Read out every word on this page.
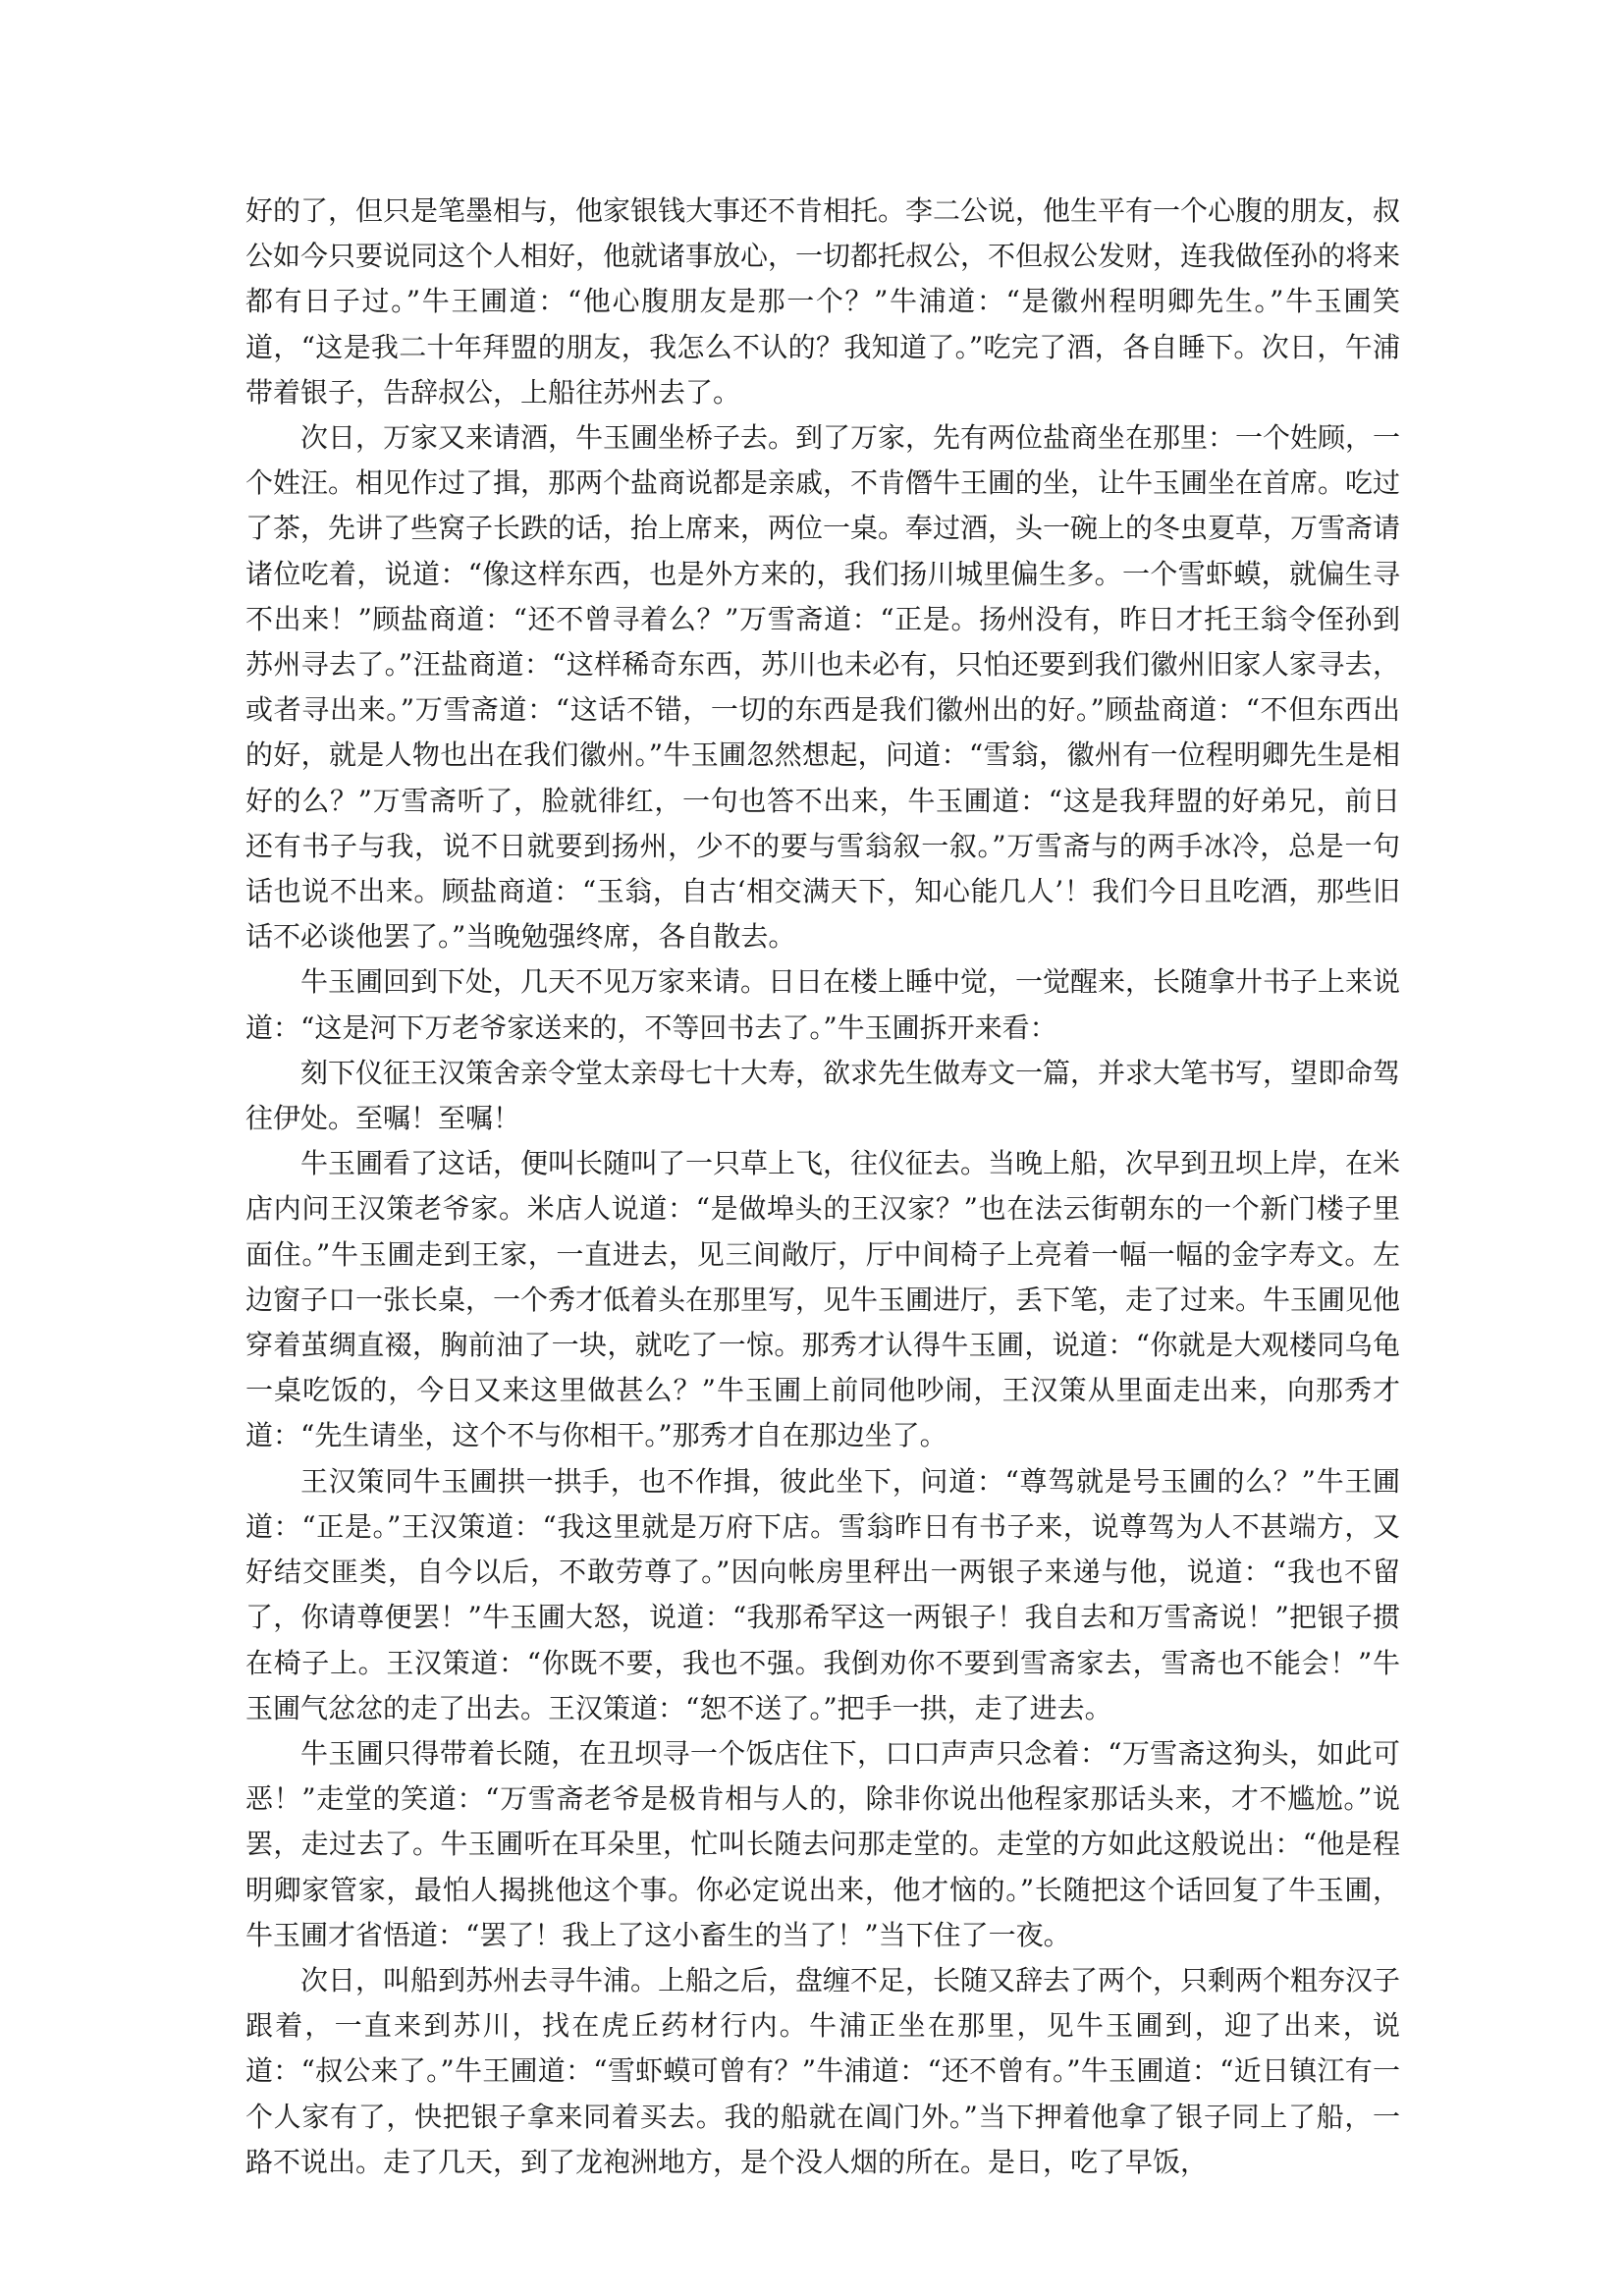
好的了，但只是笔墨相与，他家银钱大事还不肯相托。李二公说，他生平有一个心腹的朋友，叔公如今只要说同这个人相好，他就诸事放心，一切都托叔公，不但叔公发财，连我做侄孙的将来都有日子过。”牛王圃道：“他心腹朋友是那一个？”牛浦道：“是徽州程明卿先生。”牛玉圃笑道，“这是我二十年拜盟的朋友，我怎么不认的？我知道了。”吃完了酒，各自睡下。次日，午浦带着银子，告辞叔公，上船往苏州去了。

次日，万家又来请酒，牛玉圃坐桥子去。到了万家，先有两位盐商坐在那里：一个姓顾，一个姓汪。相见作过了揖，那两个盐商说都是亲戚，不肯僭牛王圃的坐，让牛玉圃坐在首席。吃过了茶，先讲了些窝子长跌的话，抬上席来，两位一桌。奉过酒，头一碗上的冬虫夏草，万雪斋请诸位吃着，说道：“像这样东西，也是外方来的，我们扬川城里偏生多。一个雪虾蟆，就偏生寻不出来！”顾盐商道：“还不曾寻着么？”万雪斋道：“正是。扬州没有，昨日才托王翁令侄孙到苏州寻去了。”汪盐商道：“这样稀奇东西，苏川也未必有，只怕还要到我们徽州旧家人家寻去，或者寻出来。”万雪斋道：“这话不错，一切的东西是我们徽州出的好。”顾盐商道：“不但东西出的好，就是人物也出在我们徽州。”牛玉圃忽然想起，问道：“雪翁，徽州有一位程明卿先生是相好的么？”万雪斋听了，脸就徘红，一句也答不出来，牛玉圃道：“这是我拜盟的好弟兄，前日还有书子与我，说不日就要到扬州，少不的要与雪翁叙一叙。”万雪斋与的两手冰冷，总是一句话也说不出来。顾盐商道：“玉翁，自古‘相交满天下，知心能几人’！我们今日且吃酒，那些旧话不必谈他罢了。”当晚勉强终席，各自散去。

牛玉圃回到下处，几天不见万家来请。日日在楼上睡中觉，一觉醒来，长随拿廾书子上来说道：“这是河下万老爷家送来的，不等回书去了。”牛玉圃拆开来看：

刻下仪征王汉策舍亲令堂太亲母七十大寿，欲求先生做寿文一篇，并求大笔书写，望即命驾往伊处。至嘱！至嘱！

牛玉圃看了这话，便叫长随叫了一只草上飞，往仪征去。当晚上船，次早到丑坝上岸，在米店内问王汉策老爷家。米店人说道：“是做埠头的王汉家？”也在法云街朝东的一个新门楼子里面住。”牛玉圃走到王家，一直进去，见三间敞厅，厅中间椅子上亮着一幅一幅的金字寿文。左边窗子口一张长桌，一个秀才低着头在那里写，见牛玉圃进厅，丢下笔，走了过来。牛玉圃见他穿着茧绸直裰，胸前油了一块，就吃了一惊。那秀才认得牛玉圃，说道：“你就是大观楼同乌龟一桌吃饭的，今日又来这里做甚么？”牛玉圃上前同他吵闹，王汉策从里面走出来，向那秀才道：“先生请坐，这个不与你相干。”那秀才自在那边坐了。

王汉策同牛玉圃拱一拱手，也不作揖，彼此坐下，问道：“尊驾就是号玉圃的么？”牛王圃道：“正是。”王汉策道：“我这里就是万府下店。雪翁昨日有书子来，说尊驾为人不甚端方，又好结交匪类，自今以后，不敢劳尊了。”因向帐房里秤出一两银子来递与他，说道：“我也不留了，你请尊便罢！”牛玉圃大怒，说道：“我那希罕这一两银子！我自去和万雪斋说！”把银子掼在椅子上。王汉策道：“你既不要，我也不强。我倒劝你不要到雪斋家去，雪斋也不能会！”牛玉圃气忿忿的走了出去。王汉策道：“恕不送了。”把手一拱，走了进去。

牛玉圃只得带着长随，在丑坝寻一个饭店住下，口口声声只念着：“万雪斋这狗头，如此可恶！”走堂的笑道：“万雪斋老爷是极肯相与人的，除非你说出他程家那话头来，才不尴尬。”说罢，走过去了。牛玉圃听在耳朵里，忙叫长随去问那走堂的。走堂的方如此这般说出：“他是程明卿家管家，最怕人揭挑他这个事。你必定说出来，他才恼的。”长随把这个话回复了牛玉圃，牛玉圃才省悟道：“罢了！我上了这小畜生的当了！”当下住了一夜。

次日，叫船到苏州去寻牛浦。上船之后，盘缠不足，长随又辞去了两个，只剩两个粗夯汉子跟着，一直来到苏川，找在虎丘药材行内。牛浦正坐在那里，见牛玉圃到，迎了出来，说道：“叔公来了。”牛王圃道：“雪虾蟆可曾有？”牛浦道：“还不曾有。”牛玉圃道：“近日镇江有一个人家有了，快把银子拿来同着买去。我的船就在阊门外。”当下押着他拿了银子同上了船，一路不说出。走了几天，到了龙袍洲地方，是个没人烟的所在。是日，吃了早饭，
